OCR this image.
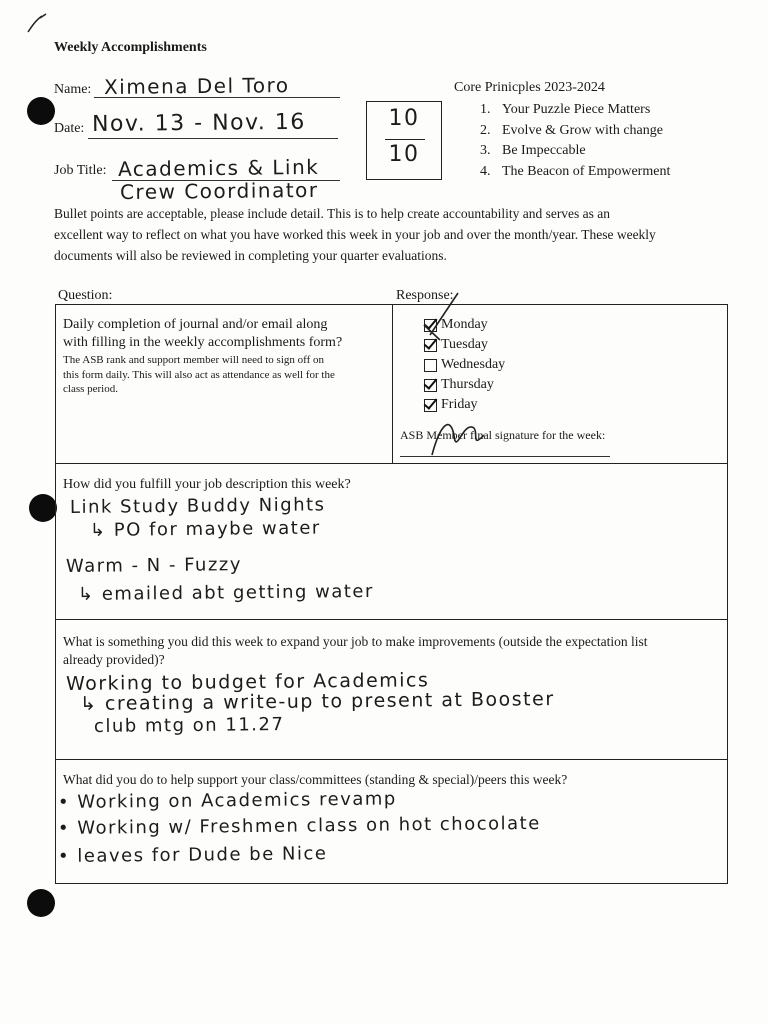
Weekly Accomplishments
Name: Ximena Del Toro
Date: Nov. 13 - Nov. 16
Job Title: Academics & Link
Crew Coordinator
10
10
Core Prinicples 2023-2024
1. Your Puzzle Piece Matters
2. Evolve & Grow with change
3. Be Impeccable
4. The Beacon of Empowerment
Bullet points are acceptable, please include detail. This is to help create accountability and serves as an
excellent way to reflect on what you have worked this week in your job and over the month/year. These weekly
documents will also be reviewed in completing your quarter evaluations.
Question:	Response:
Daily completion of journal and/or email along
with filling in the weekly accomplishments form?
The ASB rank and support member will need to sign off on
this form daily. This will also act as attendance as well for the
class period.
Monday
Tuesday
Wednesday
Thursday
Friday
ASB Member final signature for the week:
How did you fulfill your job description this week?
Link Study Buddy Nights
↳ PO for maybe water
Warm - N - Fuzzy
↳ emailed abt getting water
What is something you did this week to expand your job to make improvements (outside the expectation list
already provided)?
Working to budget for Academics
↳ creating a write-up to present at Booster
club mtg on 11.27
What did you do to help support your class/committees (standing & special)/peers this week?
• Working on Academics revamp
• Working w/ Freshmen class on hot chocolate
• leaves for Dude be Nice
